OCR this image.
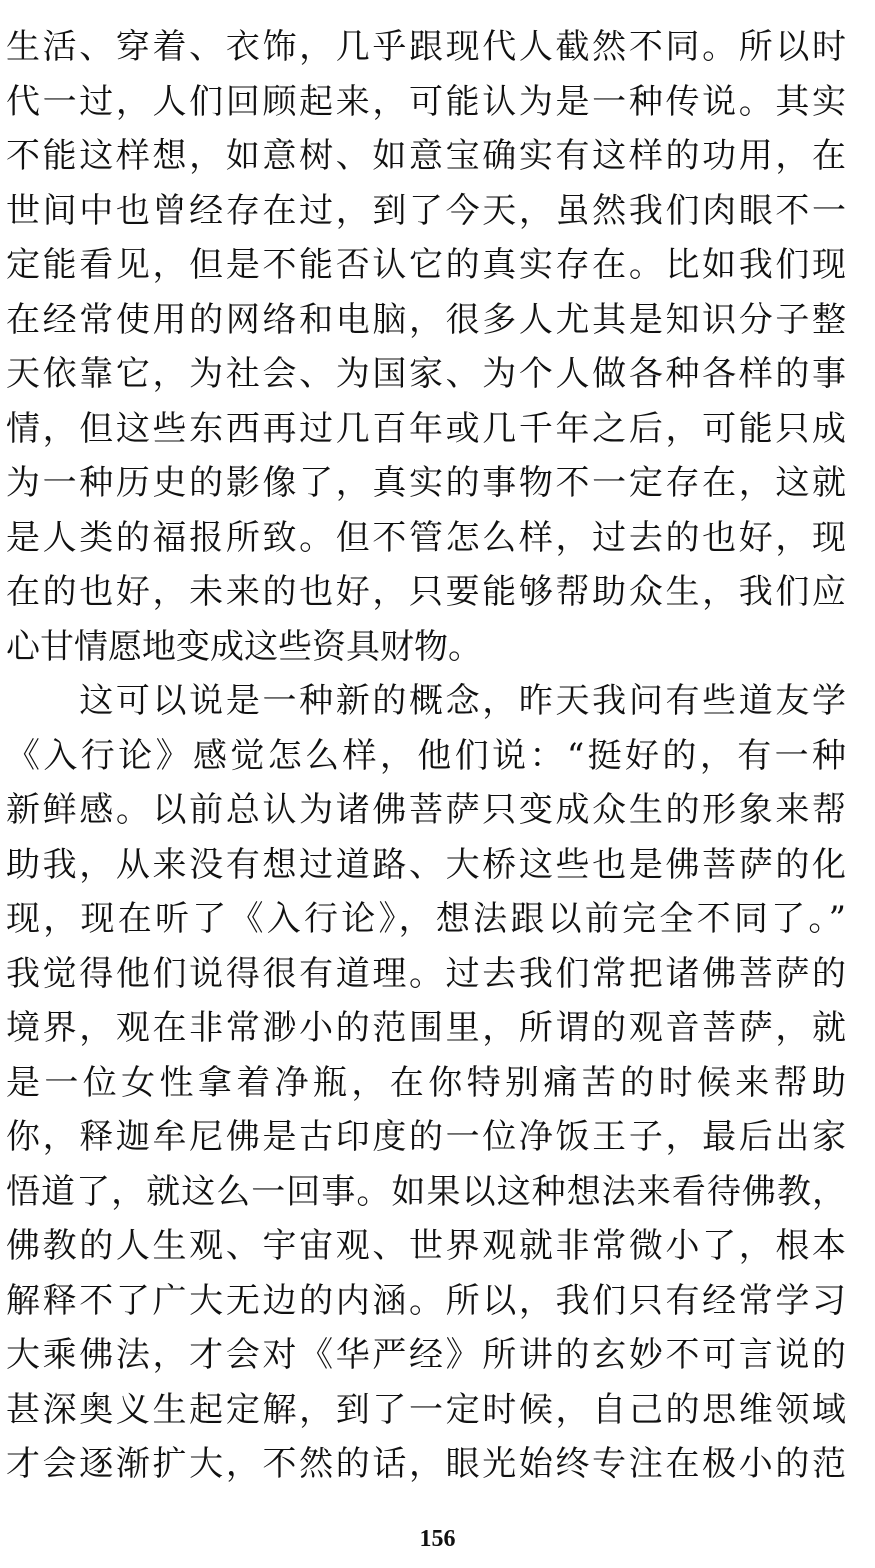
生活、穿着、衣饰，几乎跟现代人截然不同。所以时
代一过，人们回顾起来，可能认为是一种传说。其实
不能这样想，如意树、如意宝确实有这样的功用，在
世间中也曾经存在过，到了今天，虽然我们肉眼不一
定能看见，但是不能否认它的真实存在。比如我们现
在经常使用的网络和电脑，很多人尤其是知识分子整
天依靠它，为社会、为国家、为个人做各种各样的事
情，但这些东西再过几百年或几千年之后，可能只成
为一种历史的影像了，真实的事物不一定存在，这就
是人类的福报所致。但不管怎么样，过去的也好，现
在的也好，未来的也好，只要能够帮助众生，我们应
心甘情愿地变成这些资具财物。
　　这可以说是一种新的概念，昨天我问有些道友学
《入行论》感觉怎么样，他们说：“挺好的，有一种
新鲜感。以前总认为诸佛菩萨只变成众生的形象来帮
助我，从来没有想过道路、大桥这些也是佛菩萨的化
现，现在听了《入行论》，想法跟以前完全不同了。”
我觉得他们说得很有道理。过去我们常把诸佛菩萨的
境界，观在非常渺小的范围里，所谓的观音菩萨，就
是一位女性拿着净瓶，在你特别痛苦的时候来帮助
你，释迦牟尼佛是古印度的一位净饭王子，最后出家
悟道了，就这么一回事。如果以这种想法来看待佛教，
佛教的人生观、宇宙观、世界观就非常微小了，根本
解释不了广大无边的内涵。所以，我们只有经常学习
大乘佛法，才会对《华严经》所讲的玄妙不可言说的
甚深奥义生起定解，到了一定时候，自己的思维领域
才会逐渐扩大，不然的话，眼光始终专注在极小的范
156
